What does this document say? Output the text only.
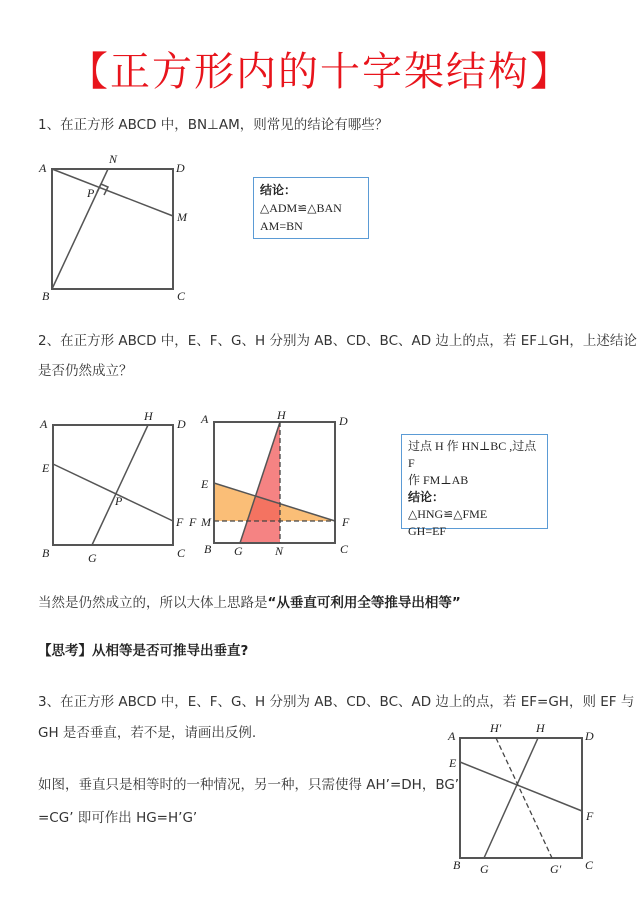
【正方形内的十字架结构】
1、在正方形 ABCD 中，BN⊥AM，则常见的结论有哪些？
A
N
D
P
M
B	C
A
H
D
E
P
F
B	G	C
A	H	D
E
F M	F
B G	N	C
A
H'	H
D
E
F
B G	G' C
结论：
△ADM≌△BAN
AM=BN
2、在正方形 ABCD 中，E、F、G、H 分别为 AB、CD、BC、AD 边上的点，若 EF⊥GH，上述结论
是否仍然成立？
过点 H 作 HN⊥BC ,过点 F
作 FM⊥AB
结论：
△HNG≌△FME
GH=EF
当然是仍然成立的，所以大体上思路是“从垂直可利用全等推导出相等”
【思考】从相等是否可推导出垂直?
3、在正方形 ABCD 中，E、F、G、H 分别为 AB、CD、BC、AD 边上的点，若 EF=GH，则 EF 与
GH 是否垂直，若不是，请画出反例.
如图，垂直只是相等时的一种情况，另一种，只需使得 AH’=DH，BG’
=CG’ 即可作出 HG=H’G’
